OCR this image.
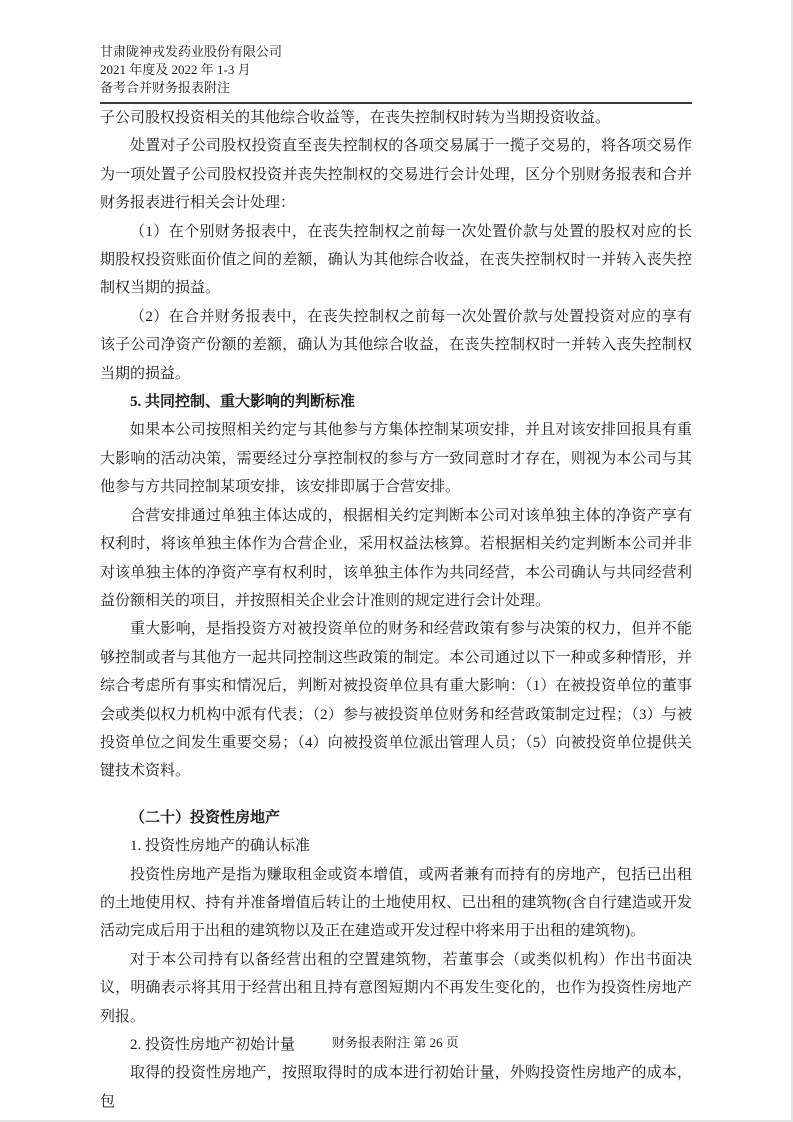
甘肃陇神戎发药业股份有限公司
2021 年度及 2022 年 1-3 月
备考合并财务报表附注

子公司股权投资相关的其他综合收益等，在丧失控制权时转为当期投资收益。

处置对子公司股权投资直至丧失控制权的各项交易属于一揽子交易的，将各项交易作为一项处置子公司股权投资并丧失控制权的交易进行会计处理，区分个别财务报表和合并财务报表进行相关会计处理：

（1）在个别财务报表中，在丧失控制权之前每一次处置价款与处置的股权对应的长期股权投资账面价值之间的差额，确认为其他综合收益，在丧失控制权时一并转入丧失控制权当期的损益。

（2）在合并财务报表中，在丧失控制权之前每一次处置价款与处置投资对应的享有该子公司净资产份额的差额，确认为其他综合收益，在丧失控制权时一并转入丧失控制权当期的损益。

5. 共同控制、重大影响的判断标准

如果本公司按照相关约定与其他参与方集体控制某项安排，并且对该安排回报具有重大影响的活动决策，需要经过分享控制权的参与方一致同意时才存在，则视为本公司与其他参与方共同控制某项安排，该安排即属于合营安排。

合营安排通过单独主体达成的，根据相关约定判断本公司对该单独主体的净资产享有权利时，将该单独主体作为合营企业，采用权益法核算。若根据相关约定判断本公司并非对该单独主体的净资产享有权利时，该单独主体作为共同经营，本公司确认与共同经营利益份额相关的项目，并按照相关企业会计准则的规定进行会计处理。

重大影响，是指投资方对被投资单位的财务和经营政策有参与决策的权力，但并不能够控制或者与其他方一起共同控制这些政策的制定。本公司通过以下一种或多种情形，并综合考虑所有事实和情况后，判断对被投资单位具有重大影响：（1）在被投资单位的董事会或类似权力机构中派有代表；（2）参与被投资单位财务和经营政策制定过程；（3）与被投资单位之间发生重要交易；（4）向被投资单位派出管理人员；（5）向被投资单位提供关键技术资料。

（二十）投资性房地产

1. 投资性房地产的确认标准

投资性房地产是指为赚取租金或资本增值，或两者兼有而持有的房地产，包括已出租的土地使用权、持有并准备增值后转让的土地使用权、已出租的建筑物(含自行建造或开发活动完成后用于出租的建筑物以及正在建造或开发过程中将来用于出租的建筑物)。

对于本公司持有以备经营出租的空置建筑物，若董事会（或类似机构）作出书面决议，明确表示将其用于经营出租且持有意图短期内不再发生变化的，也作为投资性房地产列报。

2. 投资性房地产初始计量

取得的投资性房地产，按照取得时的成本进行初始计量，外购投资性房地产的成本，包

财务报表附注 第 26 页
